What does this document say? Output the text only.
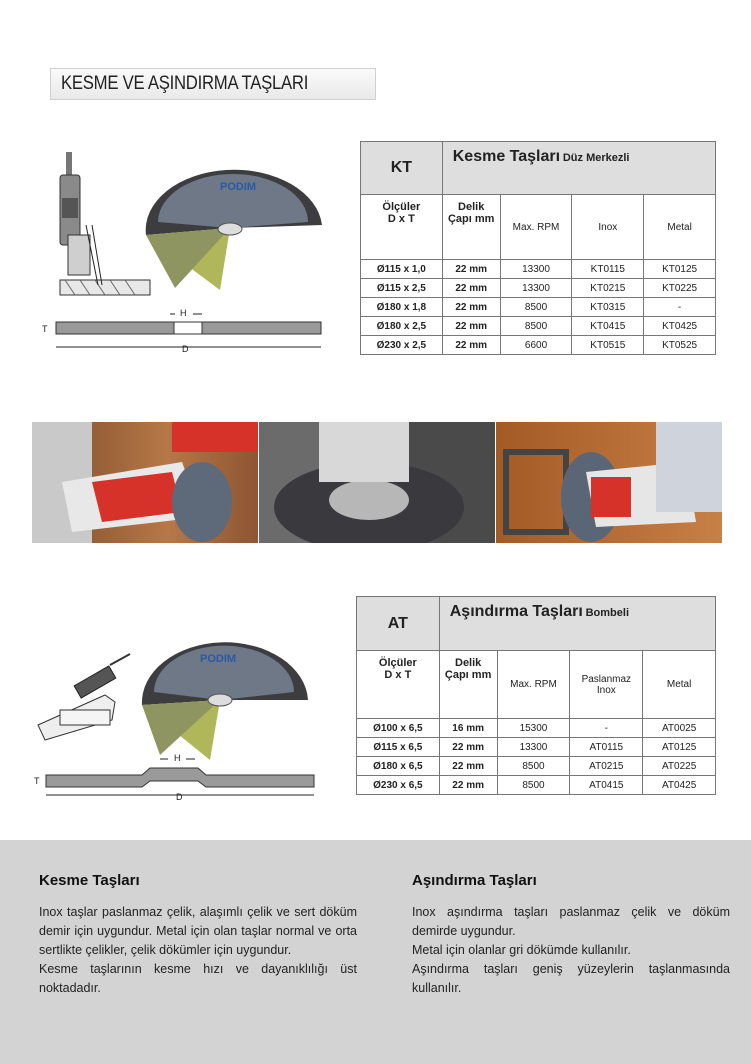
KESME VE AŞINDIRMA TAŞLARI
PODIM
H
T
D
KT	Kesme Taşları Düz Merkezli			
Ölçüler
D x T	Delik
Çapı mm	Max. RPM	Inox	Metal
Ø115 x 1,0	22 mm	13300	KT0115	KT0125
Ø115 x 2,5	22 mm	13300	KT0215	KT0225
Ø180 x 1,8	22 mm	8500	KT0315	-
Ø180 x 2,5	22 mm	8500	KT0415	KT0425
Ø230 x 2,5	22 mm	6600	KT0515	KT0525
PODIM
H
T
D
AT	Aşındırma Taşları Bombeli			
Ölçüler
D x T	Delik
Çapı mm	Max. RPM	Paslanmaz
Inox	Metal
Ø100 x 6,5	16 mm	15300	-	AT0025
Ø115 x 6,5	22 mm	13300	AT0115	AT0125
Ø180 x 6,5	22 mm	8500	AT0215	AT0225
Ø230 x 6,5	22 mm	8500	AT0415	AT0425
Kesme Taşları

Inox taşlar paslanmaz çelik, alaşımlı çelik ve sert döküm demir için uygundur. Metal için olan taşlar normal ve orta sertlikte çelikler, çelik dökümler için uygundur.
Kesme taşlarının kesme hızı ve dayanıklılığı üst noktadadır.

Aşındırma Taşları

Inox aşındırma taşları paslanmaz çelik ve döküm demirde uygundur.
Metal için olanlar gri dökümde kullanılır.
Aşındırma taşları geniş yüzeylerin taşlanmasında kullanılır.
